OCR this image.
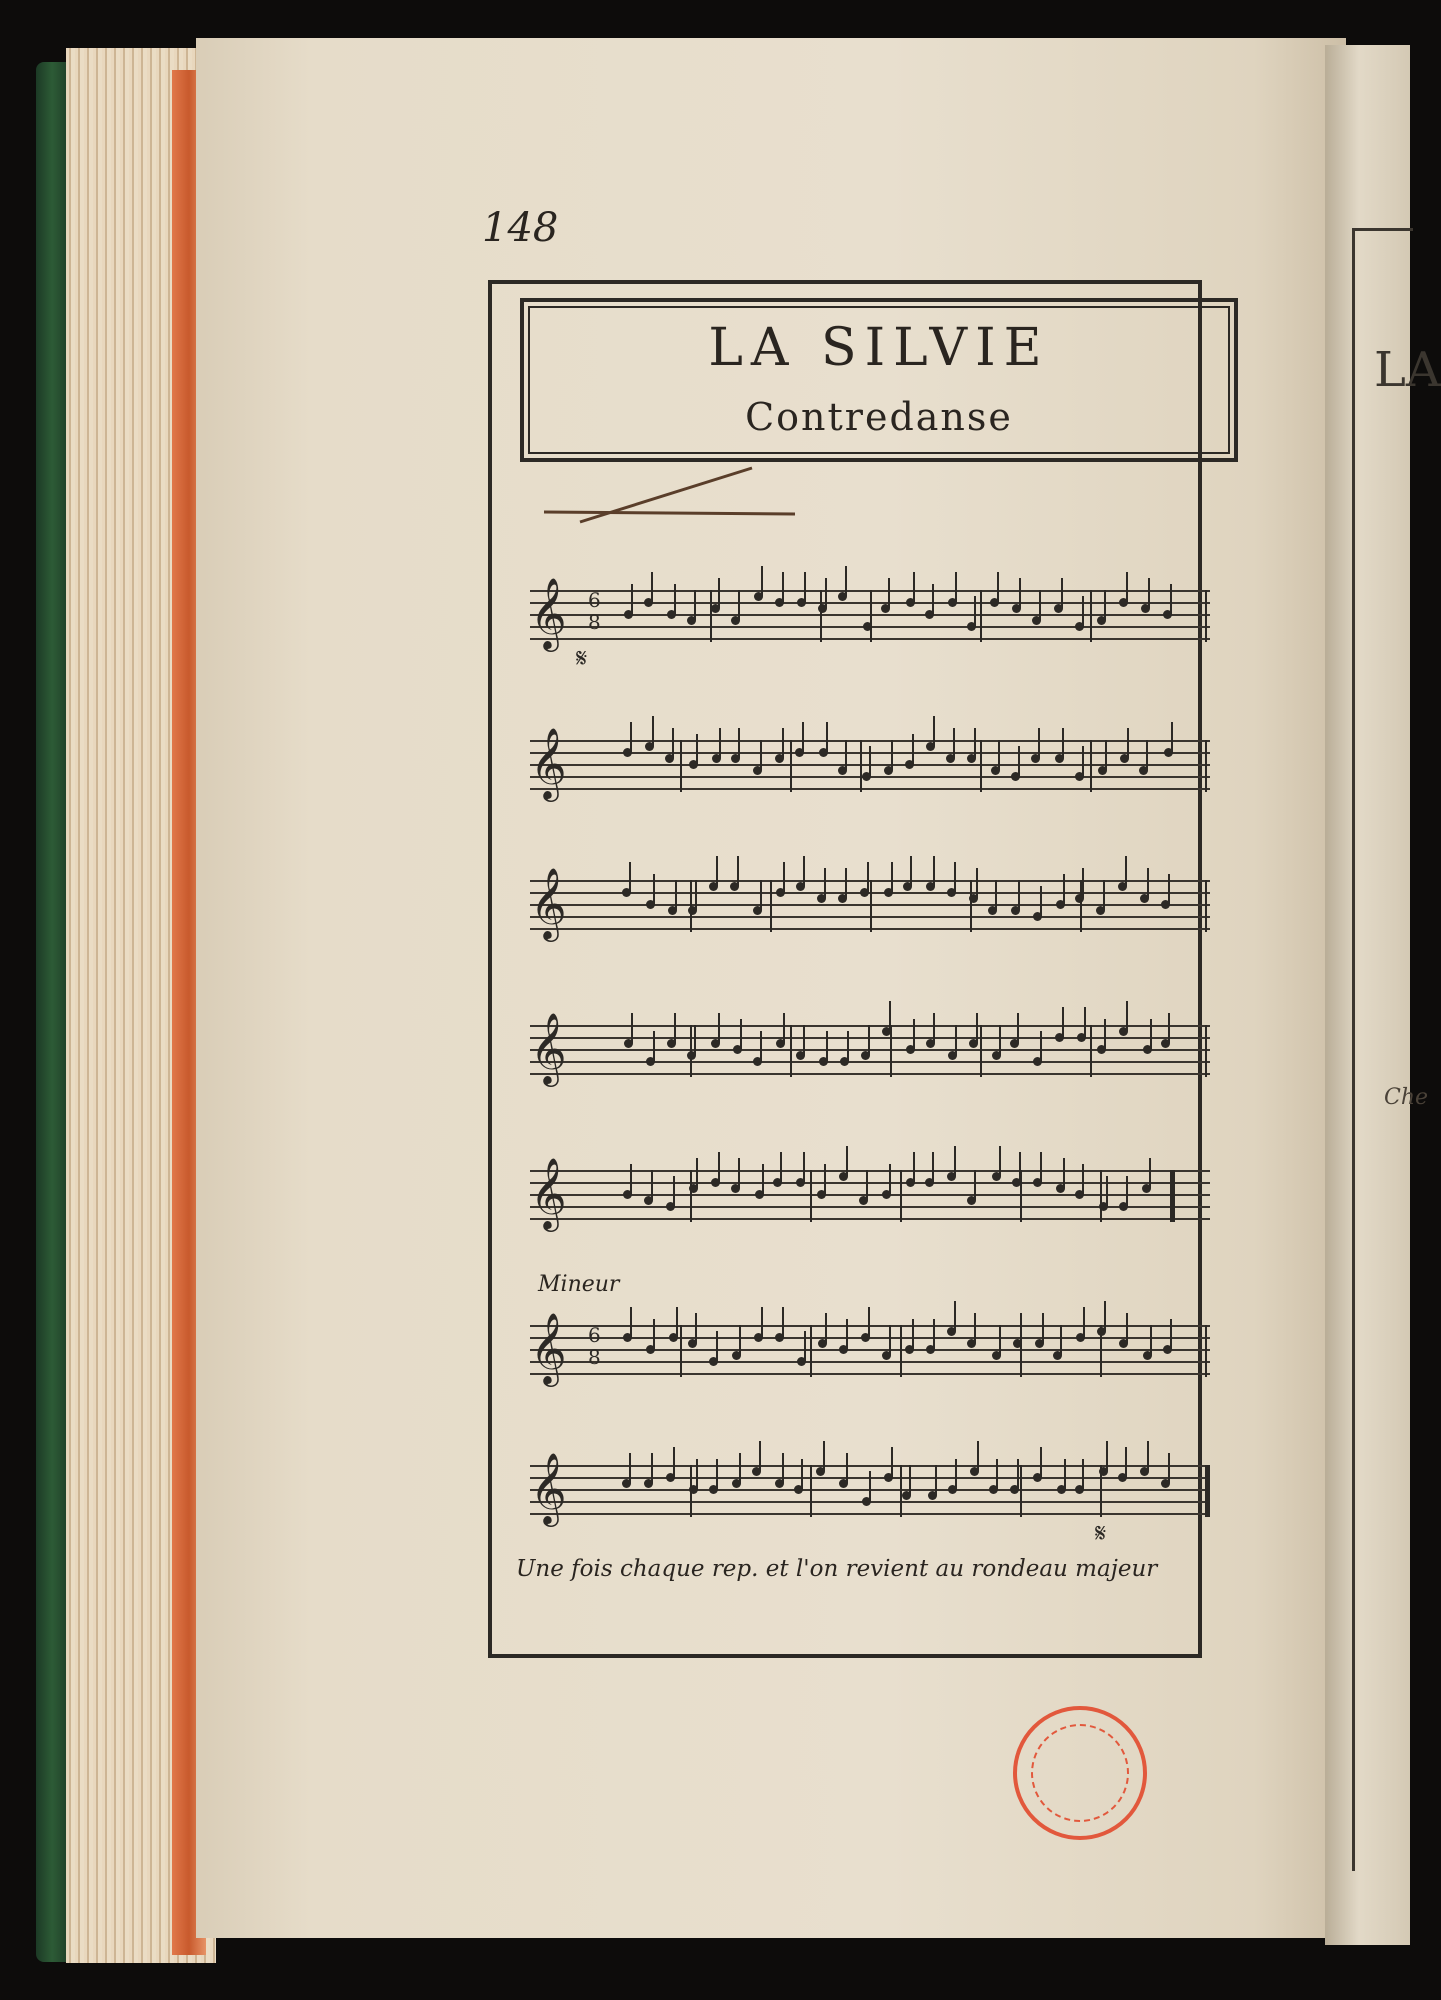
LA
Che
148
LA SILVIE
Contredanse
𝄞 6
8
𝄋
𝄞
𝄞
𝄞
𝄞
𝄞 6
8
𝄞
𝄋
Mineur
Une fois chaque rep. et l'on revient au rondeau majeur
